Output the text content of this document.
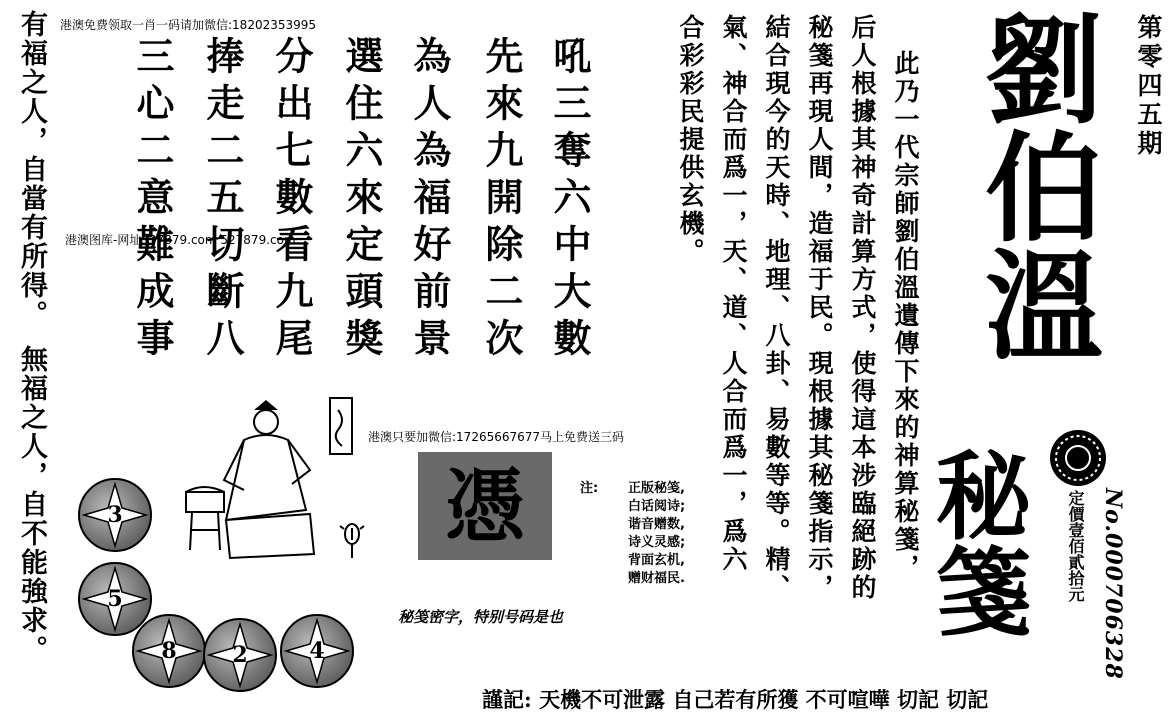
港澳免费领取一肖一码请加微信:18202353995
港澳图库-网址537879.com 527879.com
港澳只要加微信:17265667677马上免费送三码
有福之人，自當有所得。
無福之人，自不能強求。
吼三奪六中大數
先來九開除二次
為人為福好前景
選住六來定頭獎
分出七數看九尾
捧走二五切斷八
三心二意難成事	此乃一代宗師劉伯溫遺傳下來的神算秘箋，
后人根據其神奇計算方式，使得這本涉臨絕跡的
秘箋再現人間，造福于民。現根據其秘箋指示，
結合現今的天時、地理、八卦、易數等等。精、
氣、神合而爲一，天、道、人合而爲一，爲六
合彩彩民提供玄機。 劉伯溫
秘箋
第零四五期
定價壹佰貳拾元 No.000706328
憑	注: 正版秘笺,
白话阅诗;
谐音赠数,
诗义灵感;
背面玄机,
赠财福民.
秘笺密字，特别号码是也
3
5
8	2	4
謹記: 天機不可泄露 自己若有所獲 不可喧嘩 切記 切記
